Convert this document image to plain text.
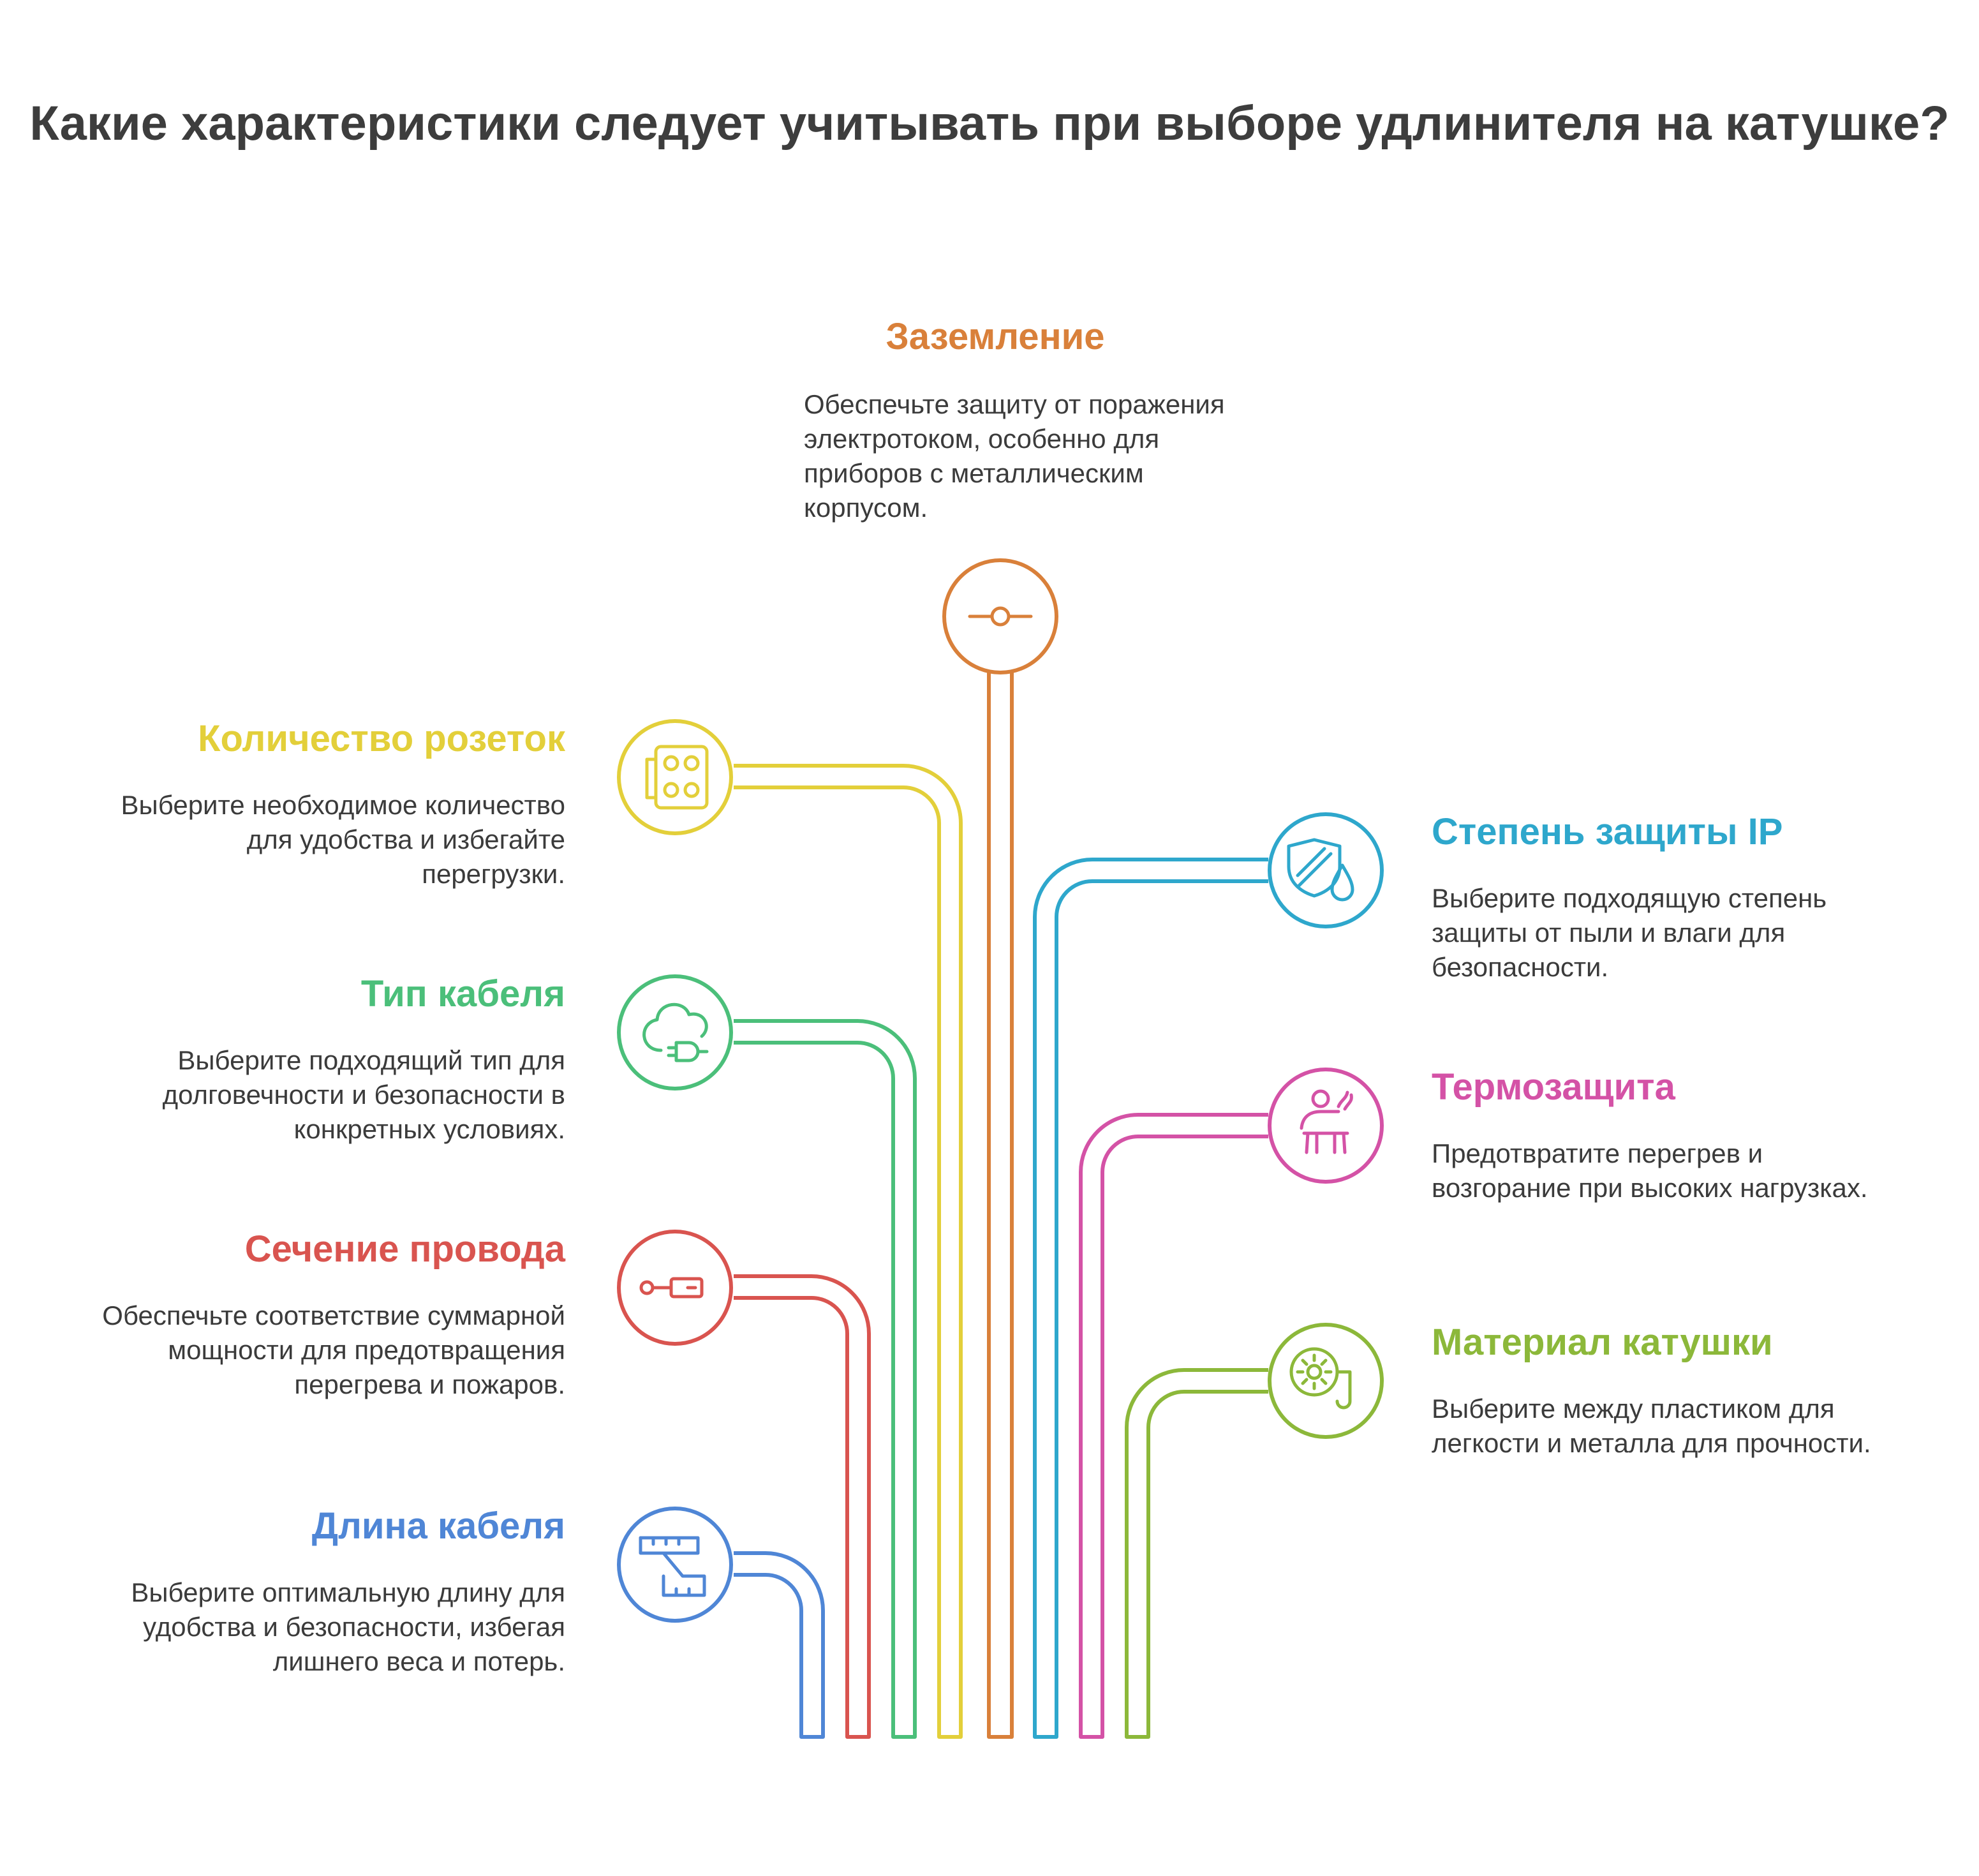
Какие характеристики следует учитывать при выборе удлинителя на катушке?
Заземление

Обеспечьте защиту от поражения электротоком, особенно для приборов с металлическим корпусом.

Количество розеток

Выберите необходимое количество для удобства и избегайте перегрузки.

Тип кабеля

Выберите подходящий тип для долговечности и безопасности в конкретных условиях.

Сечение провода

Обеспечьте соответствие суммарной мощности для предотвращения перегрева и пожаров.

Длина кабеля

Выберите оптимальную длину для удобства и безопасности, избегая лишнего веса и потерь.

Степень защиты IP

Выберите подходящую степень защиты от пыли и влаги для безопасности.

Термозащита

Предотвратите перегрев и возгорание при высоких нагрузках.

Материал катушки

Выберите между пластиком для легкости и металла для прочности.
